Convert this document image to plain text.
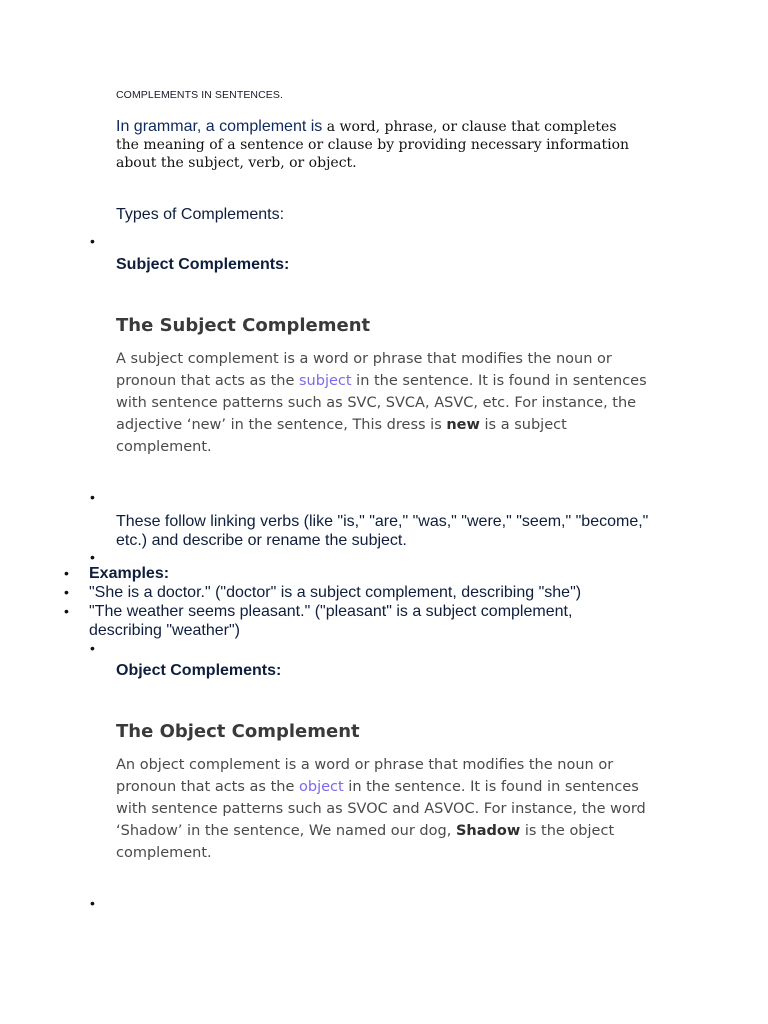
COMPLEMENTS IN SENTENCES.
In grammar, a complement is a word, phrase, or clause that completes the meaning of a sentence or clause by providing necessary information about the subject, verb, or object.
Types of Complements:
•
Subject Complements:
The Subject Complement
A subject complement is a word or phrase that modifies the noun or pronoun that acts as the subject in the sentence. It is found in sentences with sentence patterns such as SVC, SVCA, ASVC, etc. For instance, the adjective ‘new’ in the sentence, This dress is new is a subject complement.
•
These follow linking verbs (like "is," "are," "was," "were," "seem," "become," etc.) and describe or rename the subject.
•
• Examples:
• "She is a doctor." ("doctor" is a subject complement, describing "she")
• "The weather seems pleasant." ("pleasant" is a subject complement, describing "weather")
•
Object Complements:
The Object Complement
An object complement is a word or phrase that modifies the noun or pronoun that acts as the object in the sentence. It is found in sentences with sentence patterns such as SVOC and ASVOC. For instance, the word ‘Shadow’ in the sentence, We named our dog, Shadow is the object complement.
•
